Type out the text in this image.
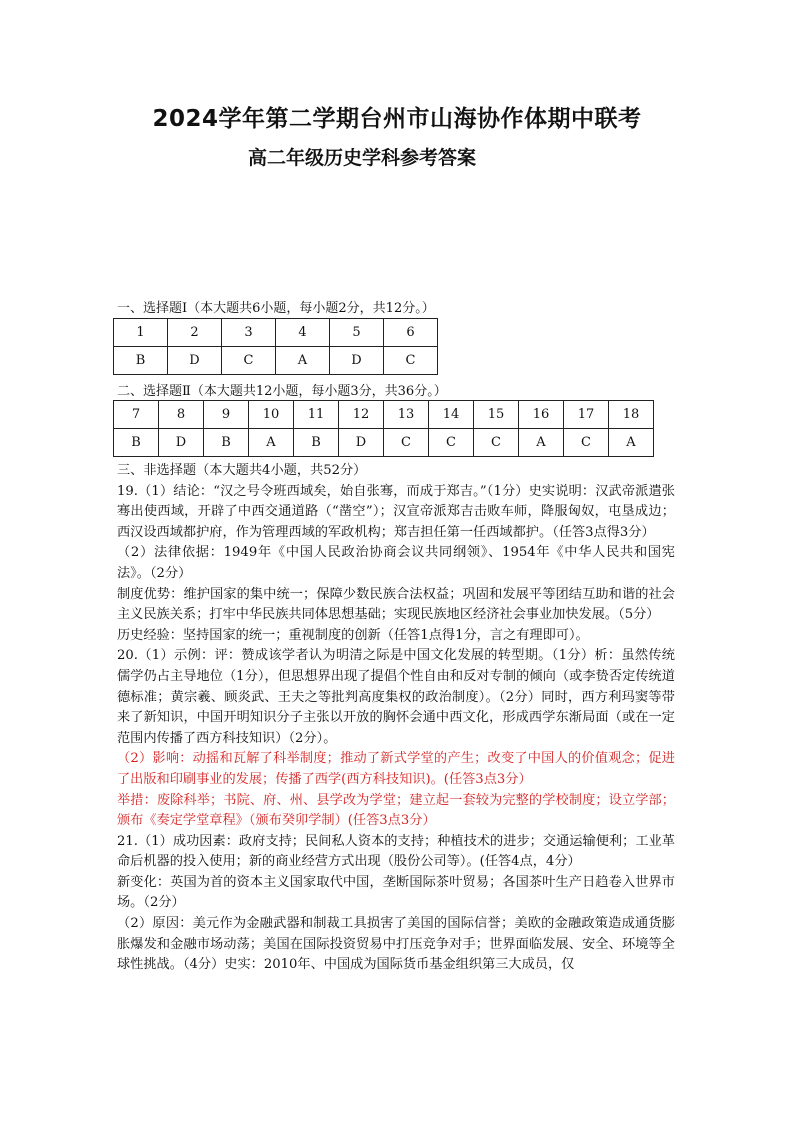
2024学年第二学期台州市山海协作体期中联考
高二年级历史学科参考答案
一、选择题Ⅰ（本大题共6小题，每小题2分，共12分。）
1	2	3	4	5	6
B	D	C	A	D	C
二、选择题Ⅱ（本大题共12小题，每小题3分，共36分。）
7	8	9	10	11	12	13	14	15	16	17	18
B	D	B	A	B	D	C	C	C	A	C	A

三、非选择题（本大题共4小题，共52分）

19.（1）结论：“汉之号令班西域矣，始自张骞，而成于郑吉。”（1分）史实说明：汉武帝派遣张骞出使西域，开辟了中西交通道路（“凿空”）；汉宣帝派郑吉击败车师，降服匈奴，屯垦成边；西汉设西域都护府，作为管理西域的军政机构；郑吉担任第一任西域都护。（任答3点得3分）

（2）法律依据：1949年《中国人民政治协商会议共同纲领》、1954年《中华人民共和国宪法》。（2分）

制度优势：维护国家的集中统一；保障少数民族合法权益；巩固和发展平等团结互助和谐的社会主义民族关系；打牢中华民族共同体思想基础；实现民族地区经济社会事业加快发展。（5分）

历史经验：坚持国家的统一；重视制度的创新（任答1点得1分，言之有理即可）。

20.（1）示例：评：赞成该学者认为明清之际是中国文化发展的转型期。（1分）析：虽然传统儒学仍占主导地位（1分），但思想界出现了提倡个性自由和反对专制的倾向（或李贽否定传统道德标准；黄宗羲、顾炎武、王夫之等批判高度集权的政治制度）。（2分）同时，西方利玛窦等带来了新知识，中国开明知识分子主张以开放的胸怀会通中西文化，形成西学东渐局面（或在一定范围内传播了西方科技知识）（2分）。

（2）影响：动摇和瓦解了科举制度；推动了新式学堂的产生；改变了中国人的价值观念；促进了出版和印刷事业的发展；传播了西学(西方科技知识)。(任答3点3分）

举措：废除科举；书院、府、州、县学改为学堂；建立起一套较为完整的学校制度；设立学部；颁布《奏定学堂章程》（颁布癸卯学制）(任答3点3分）

21.（1）成功因素：政府支持；民间私人资本的支持；种植技术的进步；交通运输便利；工业革命后机器的投入使用；新的商业经营方式出现（股份公司等）。(任答4点，4分）

新变化：英国为首的资本主义国家取代中国，垄断国际茶叶贸易；各国茶叶生产日趋卷入世界市场。（2分）

（2）原因：美元作为金融武器和制裁工具损害了美国的国际信誉；美欧的金融政策造成通货膨胀爆发和金融市场动荡；美国在国际投资贸易中打压竞争对手；世界面临发展、安全、环境等全球性挑战。（4分）史实：2010年、中国成为国际货币基金组织第三大成员，仅
